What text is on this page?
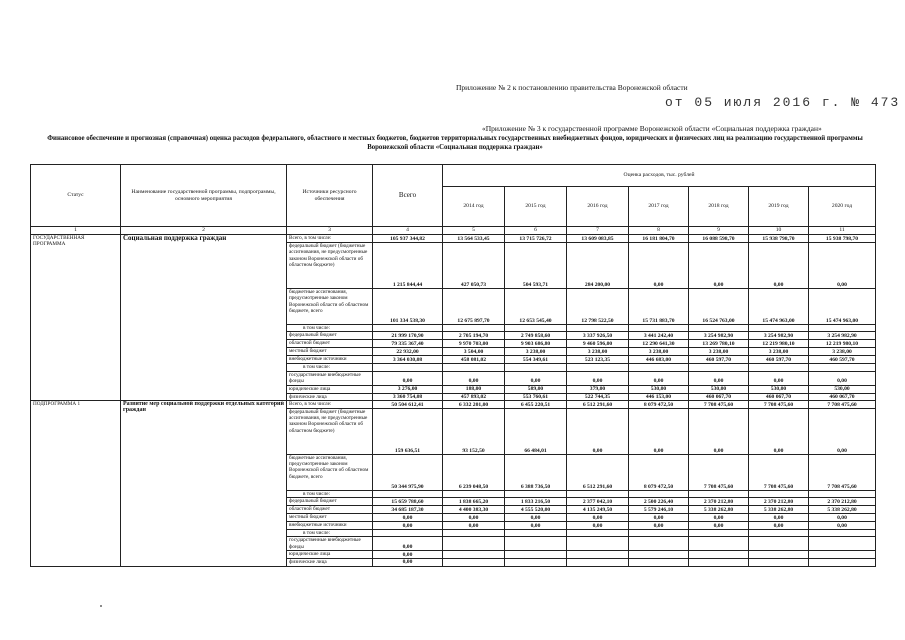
Приложение № 2 к постановлению правительства Воронежской области
от 05 июля 2016 г. № 473
«Приложение № 3 к государственной программе Воронежской области «Социальная поддержка граждан»
Финансовое обеспечение и прогнозная (справочная) оценка расходов федерального, областного и местных бюджетов, бюджетов территориальных государственных внебюджетных фондов, юридических и физических лиц на реализацию государственной программы Воронежской области «Социальная поддержка граждан»
Статус	Наименование государственной программы, подпрограммы, основного мероприятия	Источники ресурсного обеспечения	Всего	Оценка расходов, тыс. рублей						
				2014 год	2015 год	2016 год	2017 год	2018 год	2019 год	2020 год
1	2	3	4	5	6	7	8	9	10	11
ГОСУДАРСТВЕННАЯ ПРОГРАММА	Социальная поддержка граждан	Всего, в том числе:	105 937 344,82	13 564 533,45	13 715 726,72	13 609 083,85	16 181 804,70	16 088 598,70	15 938 798,70	15 938 798,70
		федеральный бюджет (бюджетные ассигнования, не предусмотренные законом Воронежской области об областном бюджете)	1 215 844,44	427 050,73	504 593,71	284 200,00	0,00	0,00	0,00	0,00
		бюджетные ассигнования, предусмотренные законом Воронежской области об областном бюджете, всего	101 334 538,30	12 675 897,70	12 653 545,40	12 798 522,50	15 731 883,70	16 524 763,00	15 474 963,00	15 474 963,00
		в том числе:								
		федеральный бюджет	21 999 170,90	2 705 194,70	2 749 858,60	3 337 926,50	3 441 242,40	3 254 982,90	3 254 982,90	3 254 982,90
		областной бюджет	79 335 367,40	9 970 703,00	9 903 686,80	9 460 596,00	12 290 641,30	13 269 780,10	12 219 980,10	12 219 980,10
		местный бюджет	22 932,00	3 504,00	3 238,00	3 238,00	3 238,00	3 238,00	3 238,00	3 238,00
		внебюджетные источники	3 364 030,08	458 081,02	554 349,61	523 123,35	446 683,00	460 597,70	460 597,70	460 597,70
		в том числе:								
		государственные внебюджетные фонды	0,00	0,00	0,00	0,00	0,00	0,00	0,00	0,00
		юридические лица	3 276,00	188,00	589,00	379,00	530,00	530,00	530,00	530,00
		физические лица	3 360 754,08	457 893,02	553 760,61	522 744,35	446 153,00	460 067,70	460 067,70	460 067,70
ПОДПРОГРАММА 1	Развитие мер социальной поддержки отдельных категорий граждан	Всего, в том числе:	50 504 612,41	6 332 201,00	6 455 220,51	6 512 291,60	8 079 472,50	7 708 475,60	7 708 475,60	7 708 475,60
		федеральный бюджет (бюджетные ассигнования, не предусмотренные законом Воронежской области об областном бюджете)	159 636,51	93 152,50	66 484,01	0,00	0,00	0,00	0,00	0,00
		бюджетные ассигнования, предусмотренные законом Воронежской области об областном бюджете, всего	50 344 975,90	6 239 048,50	6 388 736,50	6 512 291,60	8 079 472,50	7 708 475,60	7 708 475,60	7 708 475,60
		в том числе:								
		федеральный бюджет	15 659 788,60	1 838 665,20	1 833 216,50	2 377 042,10	2 500 226,40	2 370 212,80	2 370 212,80	2 370 212,80
		областной бюджет	34 685 187,30	4 400 383,30	4 555 520,00	4 135 249,50	5 579 246,10	5 338 262,80	5 338 262,80	5 338 262,80
		местный бюджет	0,00	0,00	0,00	0,00	0,00	0,00	0,00	0,00
		внебюджетные источники	0,00	0,00	0,00	0,00	0,00	0,00	0,00	0,00
		в том числе:								
		государственные внебюджетные фонды	0,00							
		юридические лица	0,00							
		физические лица	0,00							
